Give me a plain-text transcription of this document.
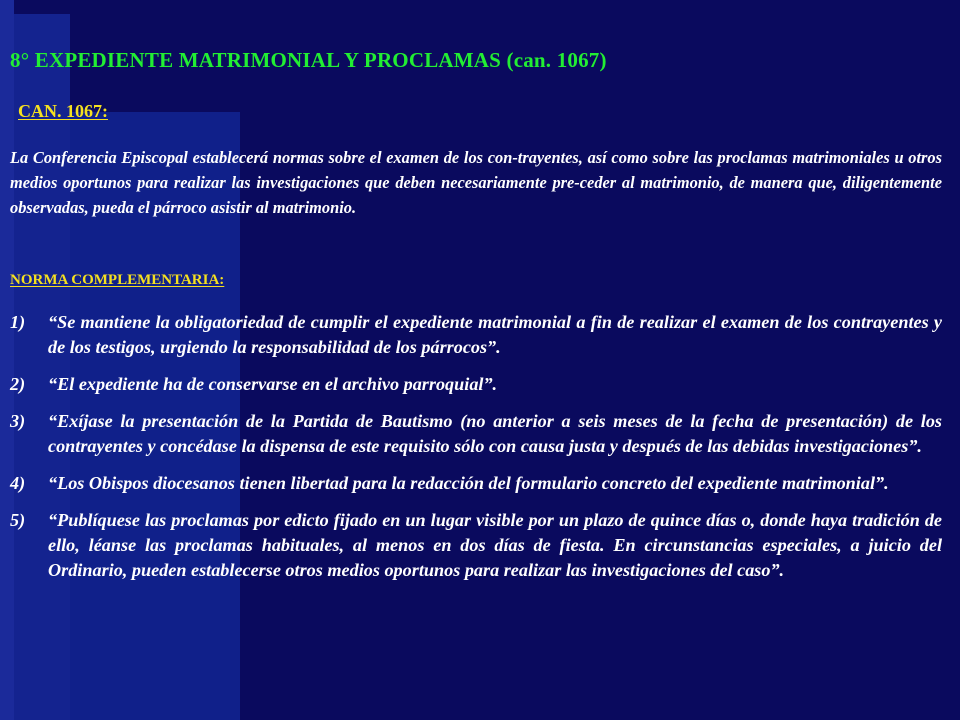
8° EXPEDIENTE MATRIMONIAL Y PROCLAMAS (can. 1067)

CAN. 1067:

La Conferencia Episcopal establecerá normas sobre el examen de los con-trayentes, así como sobre las proclamas matrimoniales u otros medios oportunos para realizar las investigaciones que deben necesariamente pre-ceder al matrimonio, de manera que, diligentemente observadas, pueda el párroco asistir al matrimonio.

NORMA COMPLEMENTARIA:

1) “Se mantiene la obligatoriedad de cumplir el expediente matrimonial a fin de realizar el examen de los contrayentes y de los testigos, urgiendo la responsabilidad de los párrocos”.
2) “El expediente ha de conservarse en el archivo parroquial”.
3) “Exíjase la presentación de la Partida de Bautismo (no anterior a seis meses de la fecha de presentación) de los contrayentes y concédase la dispensa de este requisito sólo con causa justa y después de las debidas investigaciones”.
4) “Los Obispos diocesanos tienen libertad para la redacción del formulario concreto del expediente matrimonial”.
5) “Publíquese las proclamas por edicto fijado en un lugar visible por un plazo de quince días o, donde haya tradición de ello, léanse las proclamas habituales, al menos en dos días de fiesta. En circunstancias especiales, a juicio del Ordinario, pueden establecerse otros medios oportunos para realizar las investigaciones del caso”.
